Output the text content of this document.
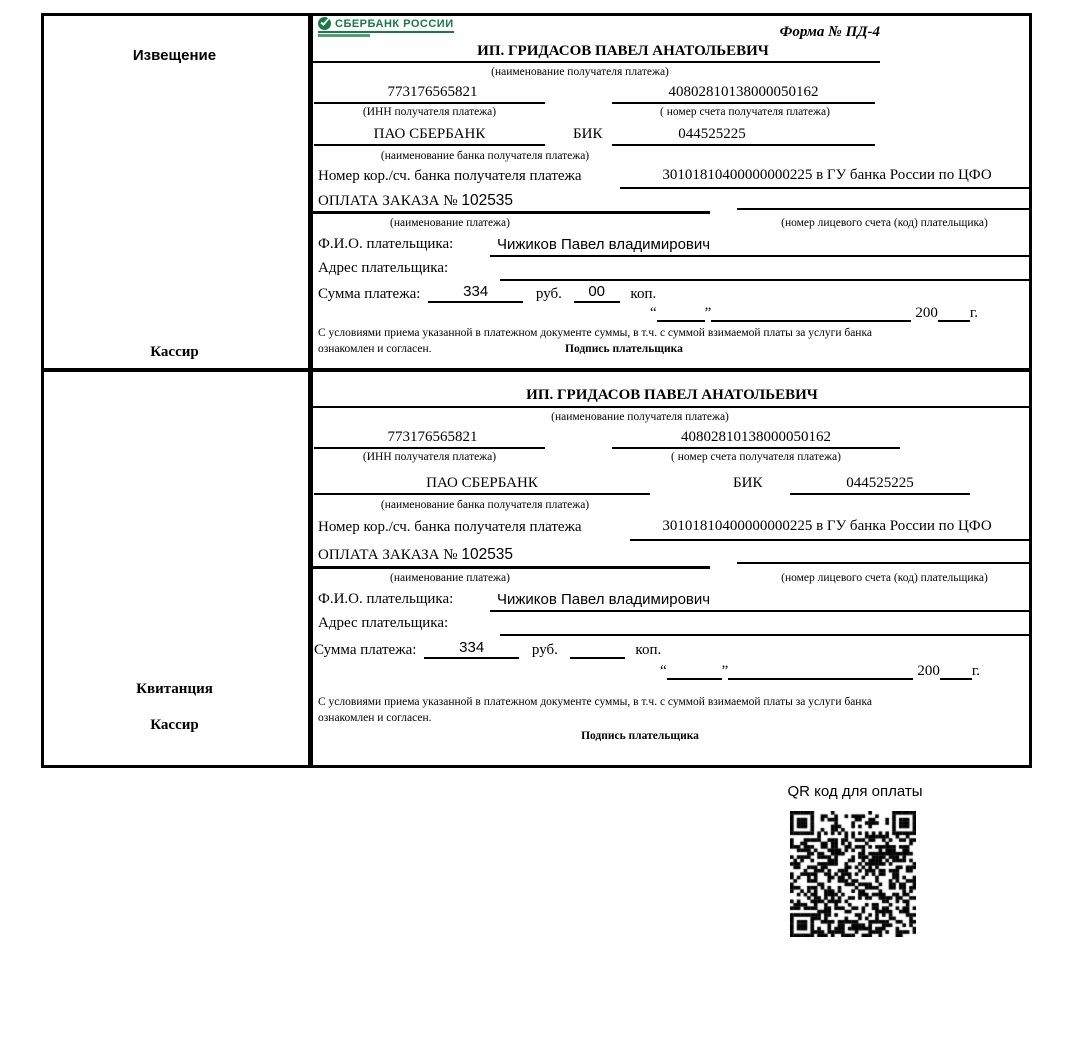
Извещение
Кассир
Квитанция
Кассир
СБЕРБАНК РОССИИ
Форма № ПД-4
ИП. ГРИДАСОВ ПАВЕЛ АНАТОЛЬЕВИЧ
(наименование получателя платежа)
773176565821	40802810138000050162
(ИНН получателя платежа)	( номер счета получателя платежа)
ПАО СБЕРБАНК	БИК	044525225
(наименование банка получателя платежа)
Номер кор./сч. банка получателя платежа	30101810400000000225 в ГУ банка России по ЦФО
ОПЛАТА ЗАКАЗА № 102535
(наименование платежа)	(номер лицевого счета (код) плательщика)
Ф.И.О. плательщика:	Чижиков Павел владимирович
Адрес плательщика:
Сумма платежа:	334	руб. 00 коп.
“	”	200 г.
С условиями приема указанной в платежном документе суммы, в т.ч. с суммой взимаемой платы за услуги банка
ознакомлен и согласен.	Подпись плательщика
ИП. ГРИДАСОВ ПАВЕЛ АНАТОЛЬЕВИЧ
(наименование получателя платежа)
773176565821	40802810138000050162
(ИНН получателя платежа)	( номер счета получателя платежа)
ПАО СБЕРБАНК	БИК	044525225
(наименование банка получателя платежа)
Номер кор./сч. банка получателя платежа	30101810400000000225 в ГУ банка России по ЦФО
ОПЛАТА ЗАКАЗА № 102535
(наименование платежа)	(номер лицевого счета (код) плательщика)
Ф.И.О. плательщика:	Чижиков Павел владимирович
Адрес плательщика:
Сумма платежа:	334	руб.	коп.
“	”	200 г.
С условиями приема указанной в платежном документе суммы, в т.ч. с суммой взимаемой платы за услуги банка
ознакомлен и согласен.
Подпись плательщика
QR код для оплаты
